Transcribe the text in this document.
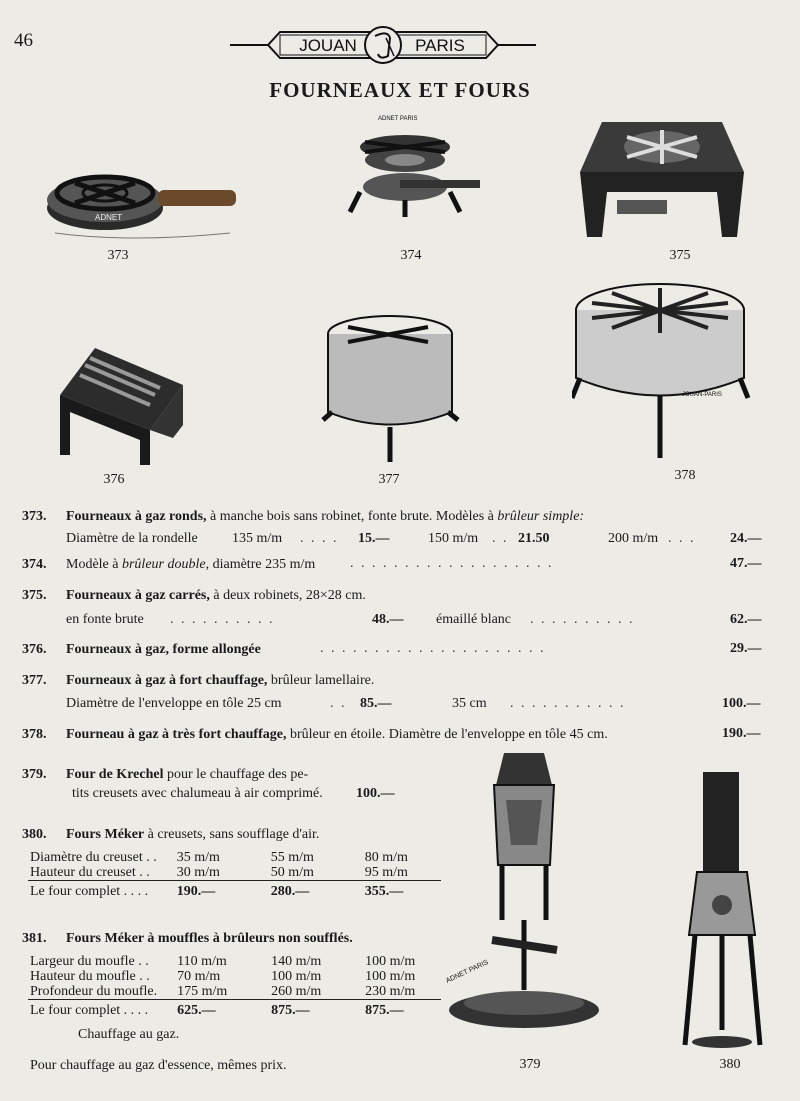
46	JOUAN	PARIS
FOURNEAUX ET FOURS
ADNET
373
ADNET PARIS
374	375
376	377
JOUAN-PARIS
378
ADNET PARIS
379	380
373. Fourneaux à gaz ronds, à manche bois sans robinet, fonte brute. Modèles à brûleur simple:
Diamètre de la rondelle 135 m/m . . . . 15.—	150 m/m . . 21.50	200 m/m . . . 24.—
374. Modèle à brûleur double, diamètre 235 m/m	. . . . . . . . . . . . . . . . . . .	47.—
375. Fourneaux à gaz carrés, à deux robinets, 28×28 cm.
en fonte brute . . . . . . . . . .	48.— émaillé blanc . . . . . . . . . .	62.—
376. Fourneaux à gaz, forme allongée	. . . . . . . . . . . . . . . . . . . . .	29.—
377. Fourneaux à gaz à fort chauffage, brûleur lamellaire.
Diamètre de l'enveloppe en tôle 25 cm	. . 85.—	35 cm . . . . . . . . . . .	100.—
378. Fourneau à gaz à très fort chauffage, brûleur en étoile. Diamètre de l'enveloppe en tôle 45 cm.	190.—
379. Four de Krechel pour le chauffage des pe-
tits creusets avec chalumeau à air comprimé. 100.—
380. Fours Méker à creusets, sans soufflage d'air.
Diamètre du creuset . .	35 m/m	55 m/m	80 m/m
Hauteur du creuset . .	30 m/m	50 m/m	95 m/m
Le four complet . . . .	190.—	280.—	355.—
381. Fours Méker à mouffles à brûleurs non soufflés.
Largeur du moufle . .	110 m/m	140 m/m	100 m/m
Hauteur du moufle . .	70 m/m	100 m/m	100 m/m
Profondeur du moufle.	175 m/m	260 m/m	230 m/m
Le four complet . . . .	625.—	875.—	875.—
Chauffage au gaz.
Pour chauffage au gaz d'essence, mêmes prix.
